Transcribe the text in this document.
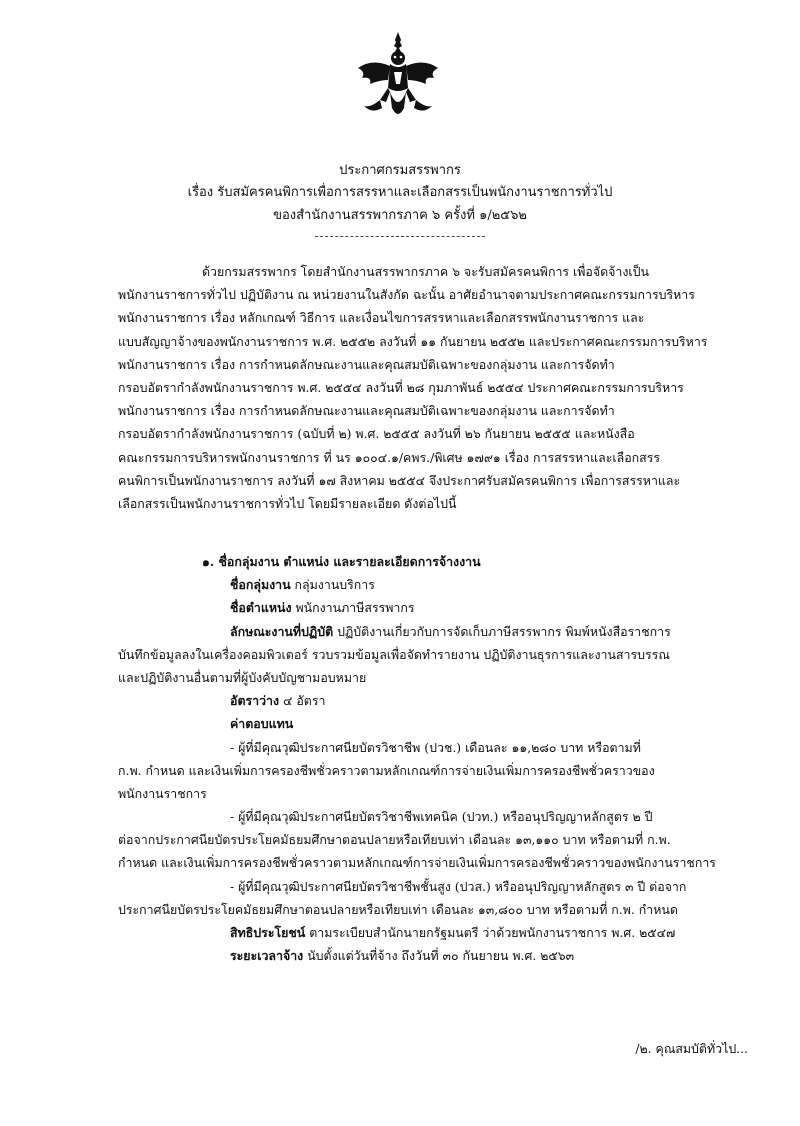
ประกาศกรมสรรพากร
เรื่อง รับสมัครคนพิการเพื่อการสรรหาและเลือกสรรเป็นพนักงานราชการทั่วไป
ของสำนักงานสรรพากรภาค ๖ ครั้งที่ ๑/๒๕๖๒
ด้วยกรมสรรพากร โดยสำนักงานสรรพากรภาค ๖ จะรับสมัครคนพิการ เพื่อจัดจ้างเป็น
พนักงานราชการทั่วไป ปฏิบัติงาน ณ หน่วยงานในสังกัด ฉะนั้น อาศัยอำนาจตามประกาศคณะกรรมการบริหาร
พนักงานราชการ เรื่อง หลักเกณฑ์ วิธีการ และเงื่อนไขการสรรหาและเลือกสรรพนักงานราชการ และ
แบบสัญญาจ้างของพนักงานราชการ พ.ศ. ๒๕๕๒ ลงวันที่ ๑๑ กันยายน ๒๕๕๒ และประกาศคณะกรรมการบริหาร
พนักงานราชการ เรื่อง การกำหนดลักษณะงานและคุณสมบัติเฉพาะของกลุ่มงาน และการจัดทำ
กรอบอัตรากำลังพนักงานราชการ พ.ศ. ๒๕๕๔ ลงวันที่ ๒๘ กุมภาพันธ์ ๒๕๕๔ ประกาศคณะกรรมการบริหาร
พนักงานราชการ เรื่อง การกำหนดลักษณะงานและคุณสมบัติเฉพาะของกลุ่มงาน และการจัดทำ
กรอบอัตรากำลังพนักงานราชการ (ฉบับที่ ๒) พ.ศ. ๒๕๕๕ ลงวันที่ ๒๖ กันยายน ๒๕๕๕ และหนังสือ
คณะกรรมการบริหารพนักงานราชการ ที่ นร ๑๐๐๔.๑/คพร./พิเศษ ๑๗๙๑ เรื่อง การสรรหาและเลือกสรร
คนพิการเป็นพนักงานราชการ ลงวันที่ ๑๗ สิงหาคม ๒๕๕๔ จึงประกาศรับสมัครคนพิการ เพื่อการสรรหาและ
เลือกสรรเป็นพนักงานราชการทั่วไป โดยมีรายละเอียด ดังต่อไปนี้
๑. ชื่อกลุ่มงาน ตำแหน่ง และรายละเอียดการจ้างงาน
ชื่อกลุ่มงาน กลุ่มงานบริการ
ชื่อตำแหน่ง พนักงานภาษีสรรพากร
ลักษณะงานที่ปฏิบัติ ปฏิบัติงานเกี่ยวกับการจัดเก็บภาษีสรรพากร พิมพ์หนังสือราชการ
บันทึกข้อมูลลงในเครื่องคอมพิวเตอร์ รวบรวมข้อมูลเพื่อจัดทำรายงาน ปฏิบัติงานธุรการและงานสารบรรณ
และปฏิบัติงานอื่นตามที่ผู้บังคับบัญชามอบหมาย
อัตราว่าง ๔ อัตรา
ค่าตอบแทน
- ผู้ที่มีคุณวุฒิประกาศนียบัตรวิชาชีพ (ปวช.) เดือนละ ๑๑,๒๘๐ บาท หรือตามที่
ก.พ. กำหนด และเงินเพิ่มการครองชีพชั่วคราวตามหลักเกณฑ์การจ่ายเงินเพิ่มการครองชีพชั่วคราวของ
พนักงานราชการ
- ผู้ที่มีคุณวุฒิประกาศนียบัตรวิชาชีพเทคนิค (ปวท.) หรืออนุปริญญาหลักสูตร ๒ ปี
ต่อจากประกาศนียบัตรประโยคมัธยมศึกษาตอนปลายหรือเทียบเท่า เดือนละ ๑๓,๑๑๐ บาท หรือตามที่ ก.พ.
กำหนด และเงินเพิ่มการครองชีพชั่วคราวตามหลักเกณฑ์การจ่ายเงินเพิ่มการครองชีพชั่วคราวของพนักงานราชการ
- ผู้ที่มีคุณวุฒิประกาศนียบัตรวิชาชีพชั้นสูง (ปวส.) หรืออนุปริญญาหลักสูตร ๓ ปี ต่อจาก
ประกาศนียบัตรประโยคมัธยมศึกษาตอนปลายหรือเทียบเท่า เดือนละ ๑๓,๘๐๐ บาท หรือตามที่ ก.พ. กำหนด
สิทธิประโยชน์ ตามระเบียบสำนักนายกรัฐมนตรี ว่าด้วยพนักงานราชการ พ.ศ. ๒๕๔๗
ระยะเวลาจ้าง นับตั้งแต่วันที่จ้าง ถึงวันที่ ๓๐ กันยายน พ.ศ. ๒๕๖๓
/๒. คุณสมบัติทั่วไป...
